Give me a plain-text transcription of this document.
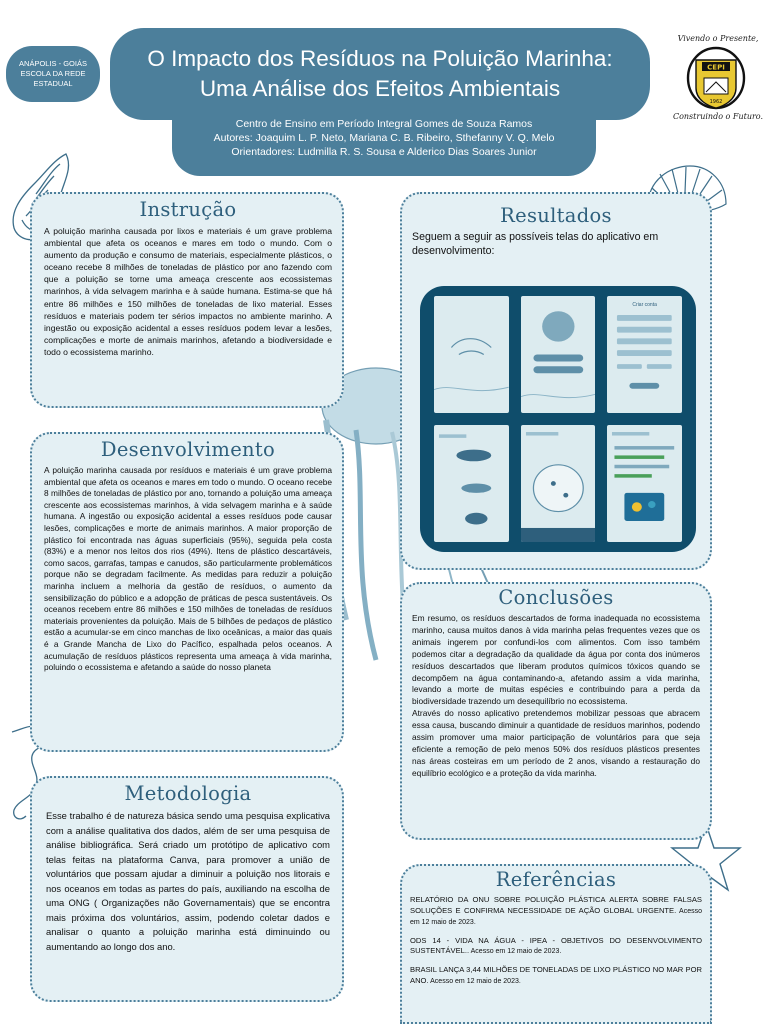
ANÁPOLIS - GOIÁS
ESCOLA DA REDE
ESTADUAL
O Impacto dos Resíduos na Poluição Marinha:
Uma Análise dos Efeitos Ambientais
Centro de Ensino em Período Integral Gomes de Souza Ramos
Autores: Joaquim L. P. Neto, Mariana C. B. Ribeiro, Sthefanny V. Q. Melo
Orientadores: Ludmilla R. S. Sousa e Alderico Dias Soares Junior
Vivendo o Presente,
CEPI
1962
Construindo o Futuro.
Instrução

A poluição marinha causada por lixos e materiais é um grave problema ambiental que afeta os oceanos e mares em todo o mundo. Com o aumento da produção e consumo de materiais, especialmente plásticos, o oceano recebe 8 milhões de toneladas de plástico por ano fazendo com que a poluição se torne uma ameaça crescente aos ecossistemas marinhos, à vida selvagem marinha e à saúde humana. Estima-se que há entre 86 milhões e 150 milhões de toneladas de lixo material. Esses resíduos e materiais podem ter sérios impactos no ambiente marinho. A ingestão ou exposição acidental a esses resíduos podem levar a lesões, complicações e morte de animais marinhos, afetando a biodiversidade e todo o ecossistema marinho.

Desenvolvimento

A poluição marinha causada por resíduos e materiais é um grave problema ambiental que afeta os oceanos e mares em todo o mundo. O oceano recebe 8 milhões de toneladas de plástico por ano, tornando a poluição uma ameaça crescente aos ecossistemas marinhos, à vida selvagem marinha e à saúde humana. A ingestão ou exposição acidental a esses resíduos pode causar lesões, complicações e morte de animais marinhos. A maior proporção de plástico foi encontrada nas águas superficiais (95%), seguida pela costa (83%) e a menor nos leitos dos rios (49%). Itens de plástico descartáveis, como sacos, garrafas, tampas e canudos, são particularmente problemáticos porque não se degradam facilmente. As medidas para reduzir a poluição marinha incluem a melhoria da gestão de resíduos, o aumento da sensibilização do público e a adopção de práticas de pesca sustentáveis. Os oceanos recebem entre 86 milhões e 150 milhões de toneladas de resíduos materiais provenientes da poluição. Mais de 5 bilhões de pedaços de plástico estão a acumular-se em cinco manchas de lixo oceânicas, a maior das quais é a Grande Mancha de Lixo do Pacífico, espalhada pelos oceanos. A acumulação de resíduos plásticos representa uma ameaça à vida marinha, poluindo o ecossistema e afetando a saúde do nosso planeta

Metodologia

Esse trabalho é de natureza básica sendo uma pesquisa explicativa com a análise qualitativa dos dados, além de ser uma pesquisa de análise bibliográfica. Será criado um protótipo de aplicativo com telas feitas na plataforma Canva, para promover a união de voluntários que possam ajudar a diminuir a poluição nos litorais e nos oceanos em todas as partes do país, auxiliando na escolha de uma ONG ( Organizações não Governamentais) que se encontra mais próxima dos voluntários, assim, podendo coletar dados e analisar o quanto a poluição marinha está diminuindo ou aumentando ao longo dos ano.

Resultados

Seguem a seguir as possíveis telas do aplicativo em desenvolvimento:

Criar conta
Conclusões

Em resumo, os resíduos descartados de forma inadequada no ecossistema marinho, causa muitos danos à vida marinha pelas frequentes vezes que os animais ingerem por confundi-los com alimentos. Com isso também podemos citar a degradação da qualidade da água por conta dos inúmeros resíduos descartados que liberam produtos químicos tóxicos quando se decompõem na água contaminando-a, afetando assim a vida marinha, levando a morte de muitas espécies e contribuindo para a perda da biodiversidade trazendo um desequilíbrio no ecossistema.

Através do nosso aplicativo pretendemos mobilizar pessoas que abracem essa causa, buscando diminuir a quantidade de resíduos marinhos, podendo assim promover uma maior participação de voluntários para que seja eficiente a remoção de pelo menos 50% dos resíduos plásticos presentes nas áreas costeiras em um período de 2 anos, visando a restauração do equilíbrio ecológico e a proteção da vida marinha.

Referências

RELATÓRIO DA ONU SOBRE POLUIÇÃO PLÁSTICA ALERTA SOBRE FALSAS SOLUÇÕES E CONFIRMA NECESSIDADE DE AÇÃO GLOBAL URGENTE. Acesso em 12 maio de 2023.

ODS 14 - VIDA NA ÁGUA - IPEA - OBJETIVOS DO DESENVOLVIMENTO SUSTENTÁVEL.. Acesso em 12 maio de 2023.

BRASIL LANÇA 3,44 MILHÕES DE TONELADAS DE LIXO PLÁSTICO NO MAR POR ANO. Acesso em 12 maio de 2023.
